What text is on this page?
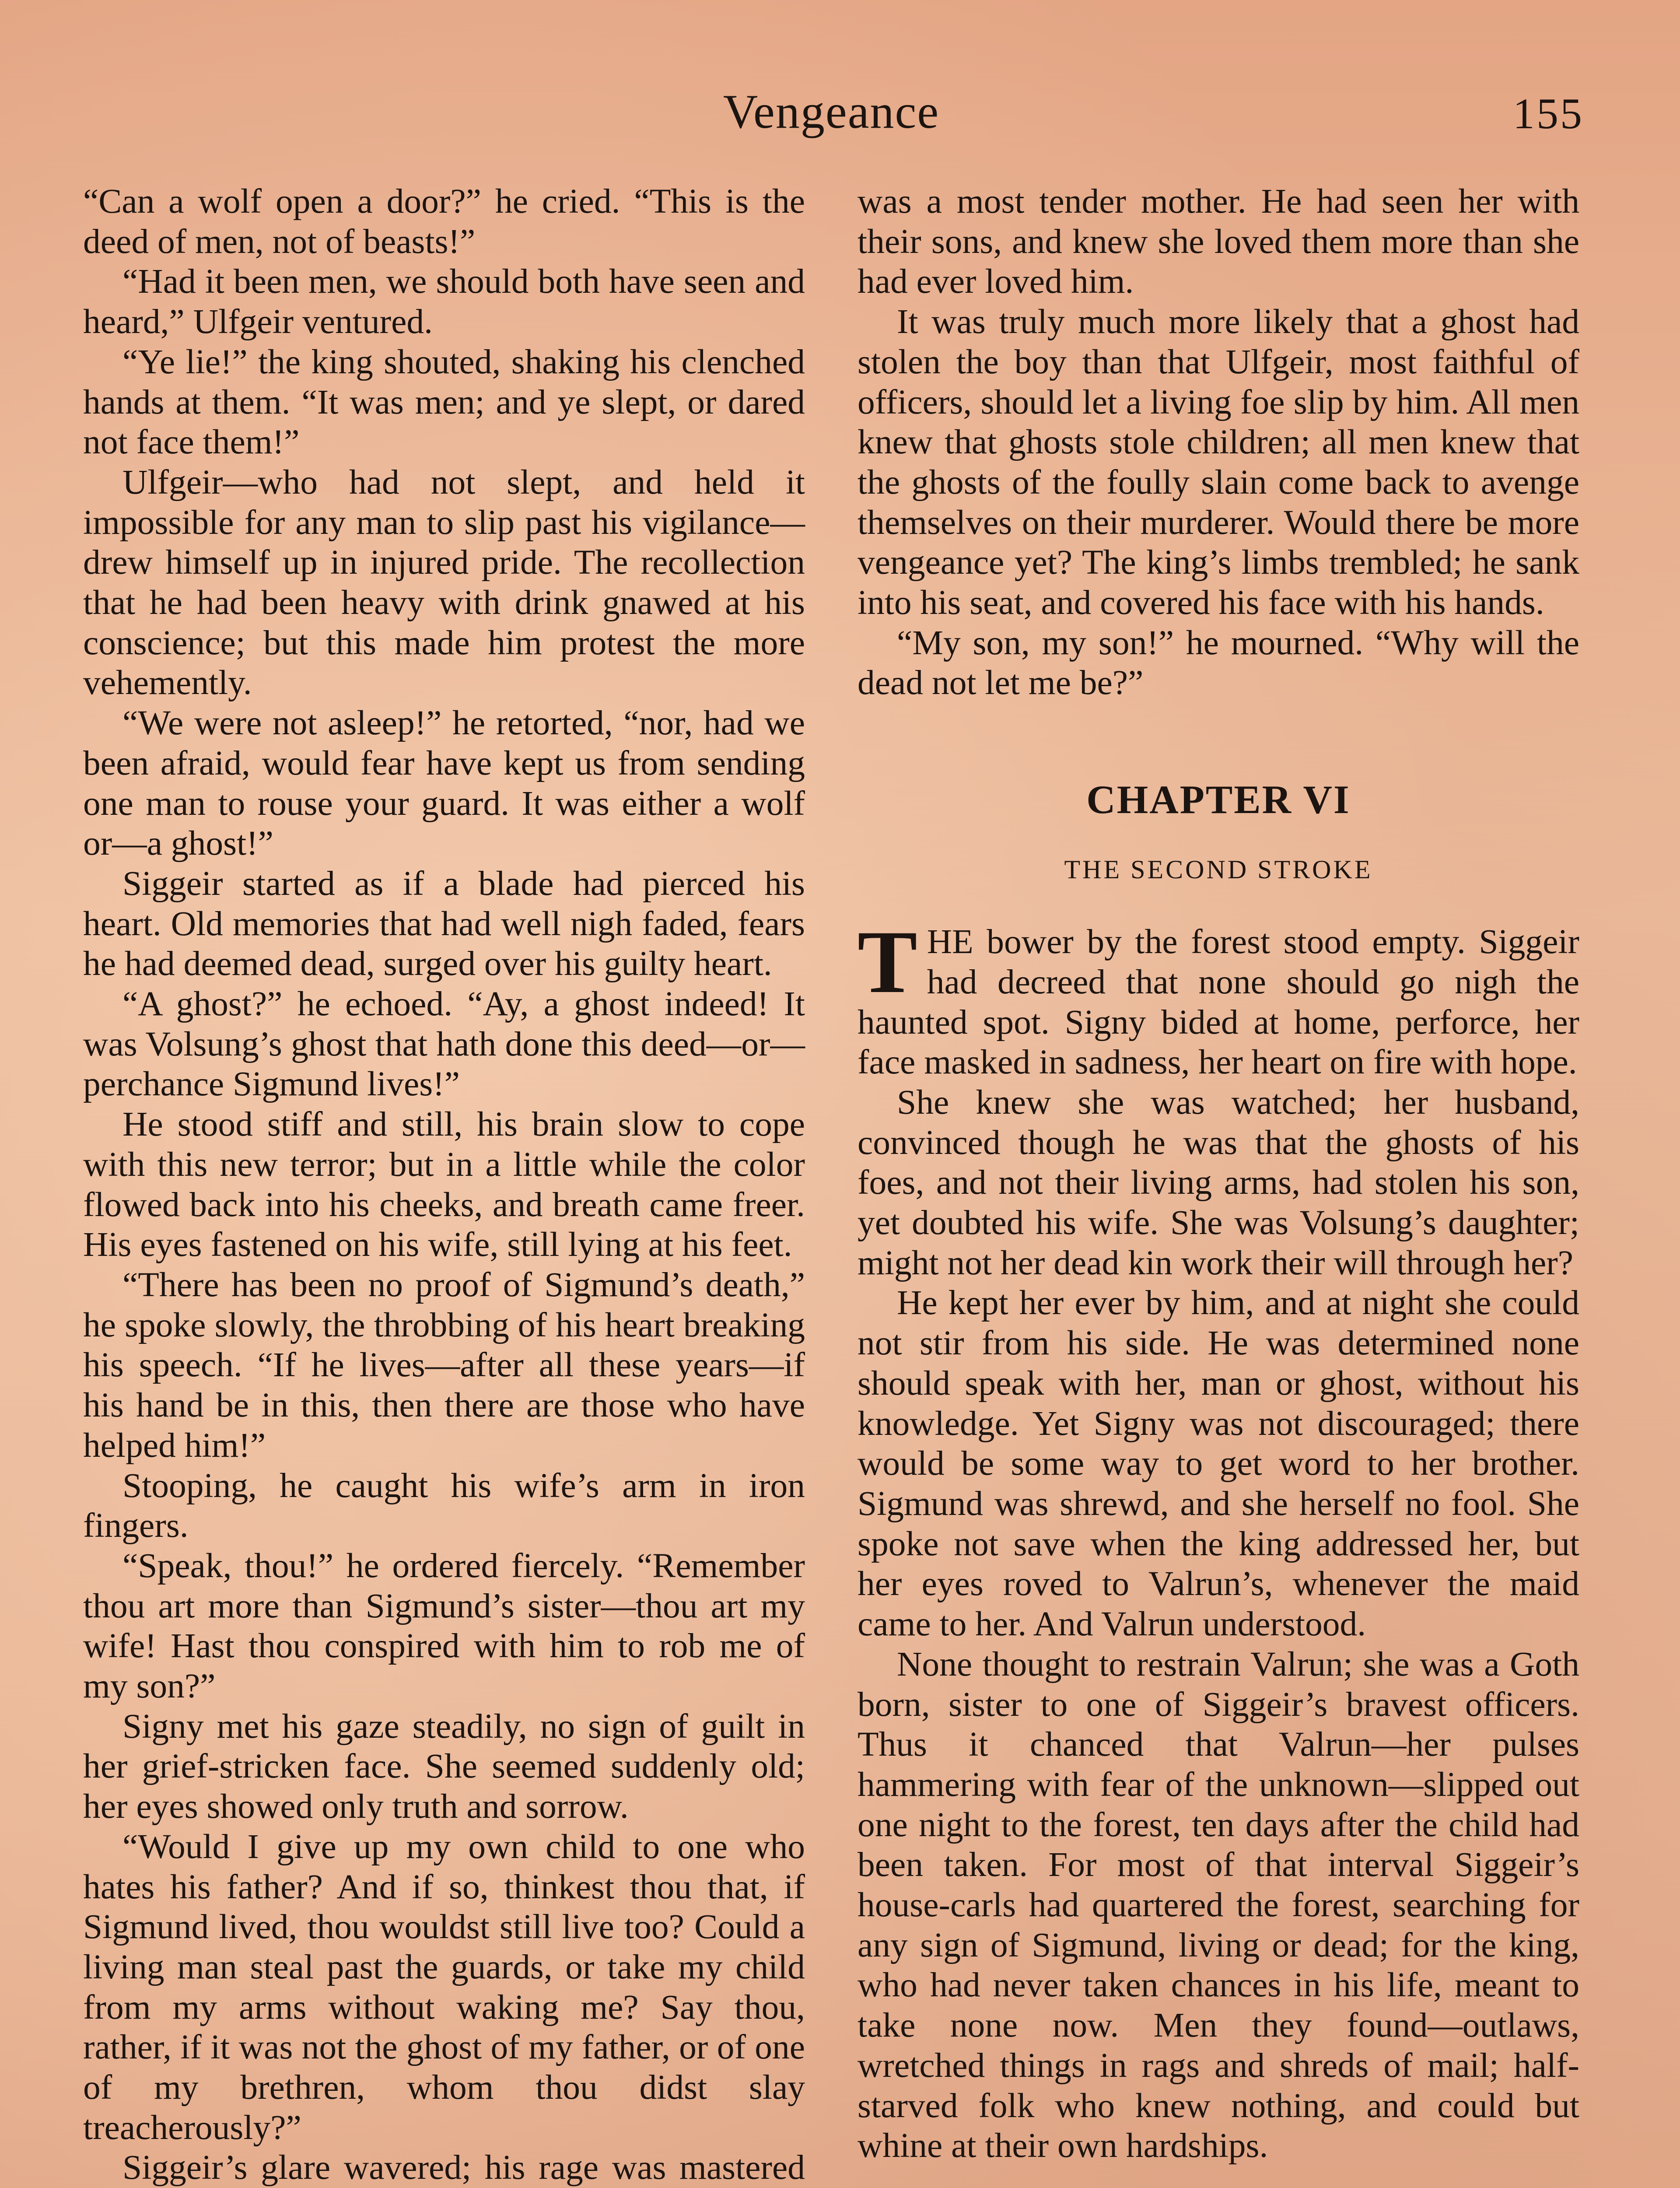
Vengeance	155

“Can a wolf open a door?” he cried. “This is the deed of men, not of beasts!”

“Had it been men, we should both have seen and heard,” Ulfgeir ventured.

“Ye lie!” the king shouted, shaking his clenched hands at them. “It was men; and ye slept, or dared not face them!”

Ulfgeir—who had not slept, and held it impossible for any man to slip past his vigilance—drew himself up in injured pride. The recollection that he had been heavy with drink gnawed at his conscience; but this made him protest the more vehemently.

“We were not asleep!” he retorted, “nor, had we been afraid, would fear have kept us from sending one man to rouse your guard. It was either a wolf or—a ghost!”

Siggeir started as if a blade had pierced his heart. Old memories that had well nigh faded, fears he had deemed dead, surged over his guilty heart.

“A ghost?” he echoed. “Ay, a ghost indeed! It was Volsung’s ghost that hath done this deed—or—perchance Sigmund lives!”

He stood stiff and still, his brain slow to cope with this new terror; but in a little while the color flowed back into his cheeks, and breath came freer. His eyes fastened on his wife, still lying at his feet.

“There has been no proof of Sigmund’s death,” he spoke slowly, the throbbing of his heart breaking his speech. “If he lives—after all these years—if his hand be in this, then there are those who have helped him!”

Stooping, he caught his wife’s arm in iron fingers.

“Speak, thou!” he ordered fiercely. “Remember thou art more than Sigmund’s sister—thou art my wife! Hast thou conspired with him to rob me of my son?”

Signy met his gaze steadily, no sign of guilt in her grief-stricken face. She seemed suddenly old; her eyes showed only truth and sorrow.

“Would I give up my own child to one who hates his father? And if so, thinkest thou that, if Sigmund lived, thou wouldst still live too? Could a living man steal past the guards, or take my child from my arms without waking me? Say thou, rather, if it was not the ghost of my father, or of one of my brethren, whom thou didst slay treacherously?”

Siggeir’s glare wavered; his rage was mastered

was a most tender mother. He had seen her with their sons, and knew she loved them more than she had ever loved him.

It was truly much more likely that a ghost had stolen the boy than that Ulfgeir, most faithful of officers, should let a living foe slip by him. All men knew that ghosts stole children; all men knew that the ghosts of the foully slain come back to avenge themselves on their murderer. Would there be more vengeance yet? The king’s limbs trembled; he sank into his seat, and covered his face with his hands.

“My son, my son!” he mourned. “Why will the dead not let me be?”

CHAPTER VI
THE SECOND STROKE

THE bower by the forest stood empty. Siggeir had decreed that none should go nigh the haunted spot. Signy bided at home, perforce, her face masked in sadness, her heart on fire with hope.

She knew she was watched; her husband, convinced though he was that the ghosts of his foes, and not their living arms, had stolen his son, yet doubted his wife. She was Volsung’s daughter; might not her dead kin work their will through her?

He kept her ever by him, and at night she could not stir from his side. He was determined none should speak with her, man or ghost, without his knowledge. Yet Signy was not discouraged; there would be some way to get word to her brother. Sigmund was shrewd, and she herself no fool. She spoke not save when the king addressed her, but her eyes roved to Valrun’s, whenever the maid came to her. And Valrun understood.

None thought to restrain Valrun; she was a Goth born, sister to one of Siggeir’s bravest officers. Thus it chanced that Valrun—her pulses hammering with fear of the unknown—slipped out one night to the forest, ten days after the child had been taken. For most of that interval Siggeir’s house-carls had quartered the forest, searching for any sign of Sigmund, living or dead; for the king, who had never taken chances in his life, meant to take none now. Men they found—outlaws, wretched things in rags and shreds of mail; half-starved folk who knew nothing, and could but whine at their own hardships.
